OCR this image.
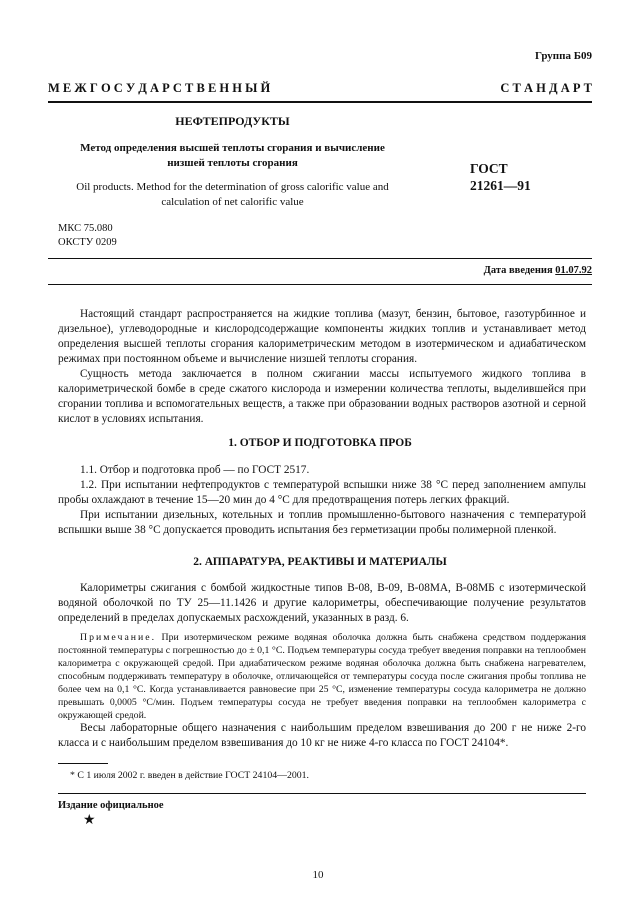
Группа Б09
М Е Ж Г О С У Д А Р С Т В Е Н Н Ы Й	С Т А Н Д А Р Т
НЕФТЕПРОДУКТЫ
Метод определения высшей теплоты сгорания и вычисление низшей теплоты сгорания
Oil products. Method for the determination of gross calorific value and calculation of net calorific value
ГОСТ
21261—91
МКС 75.080
ОКСТУ 0209
Дата введения 01.07.92

Настоящий стандарт распространяется на жидкие топлива (мазут, бензин, бытовое, газотурбинное и дизельное), углеводородные и кислородсодержащие компоненты жидких топлив и устанавливает метод определения высшей теплоты сгорания калориметрическим методом в изотермическом и адиабатическом режимах при постоянном объеме и вычисление низшей теплоты сгорания.

Сущность метода заключается в полном сжигании массы испытуемого жидкого топлива в калориметрической бомбе в среде сжатого кислорода и измерении количества теплоты, выделившейся при сгорании топлива и вспомогательных веществ, а также при образовании водных растворов азотной и серной кислот в условиях испытания.

1. ОТБОР И ПОДГОТОВКА ПРОБ

1.1. Отбор и подготовка проб — по ГОСТ 2517.

1.2. При испытании нефтепродуктов с температурой вспышки ниже 38 °С перед заполнением ампулы пробы охлаждают в течение 15—20 мин до 4 °С для предотвращения потерь легких фракций.

При испытании дизельных, котельных и топлив промышленно-бытового назначения с температурой вспышки выше 38 °С допускается проводить испытания без герметизации пробы полимерной пленкой.

2. АППАРАТУРА, РЕАКТИВЫ И МАТЕРИАЛЫ

Калориметры сжигания с бомбой жидкостные типов В-08, В-09, В-08МА, В-08МБ с изотермической водяной оболочкой по ТУ 25—11.1426 и другие калориметры, обеспечивающие получение результатов определений в пределах допускаемых расхождений, указанных в разд. 6.

Примечание. При изотермическом режиме водяная оболочка должна быть снабжена средством поддержания постоянной температуры с погрешностью до ± 0,1 °С. Подъем температуры сосуда требует введения поправки на теплообмен калориметра с окружающей средой. При адиабатическом режиме водяная оболочка должна быть снабжена нагревателем, способным поддерживать температуру в оболочке, отличающейся от температуры сосуда после сжигания пробы топлива не более чем на 0,1 °С. Когда устанавливается равновесие при 25 °С, изменение температуры сосуда калориметра не должно превышать 0,0005 °С/мин. Подъем температуры сосуда не требует введения поправки на теплообмен калориметра с окружающей средой.

Весы лабораторные общего назначения с наибольшим пределом взвешивания до 200 г не ниже 2-го класса и с наибольшим пределом взвешивания до 10 кг не ниже 4-го класса по ГОСТ 24104*.

* С 1 июля 2002 г. введен в действие ГОСТ 24104—2001.
Издание официальное
★
10
